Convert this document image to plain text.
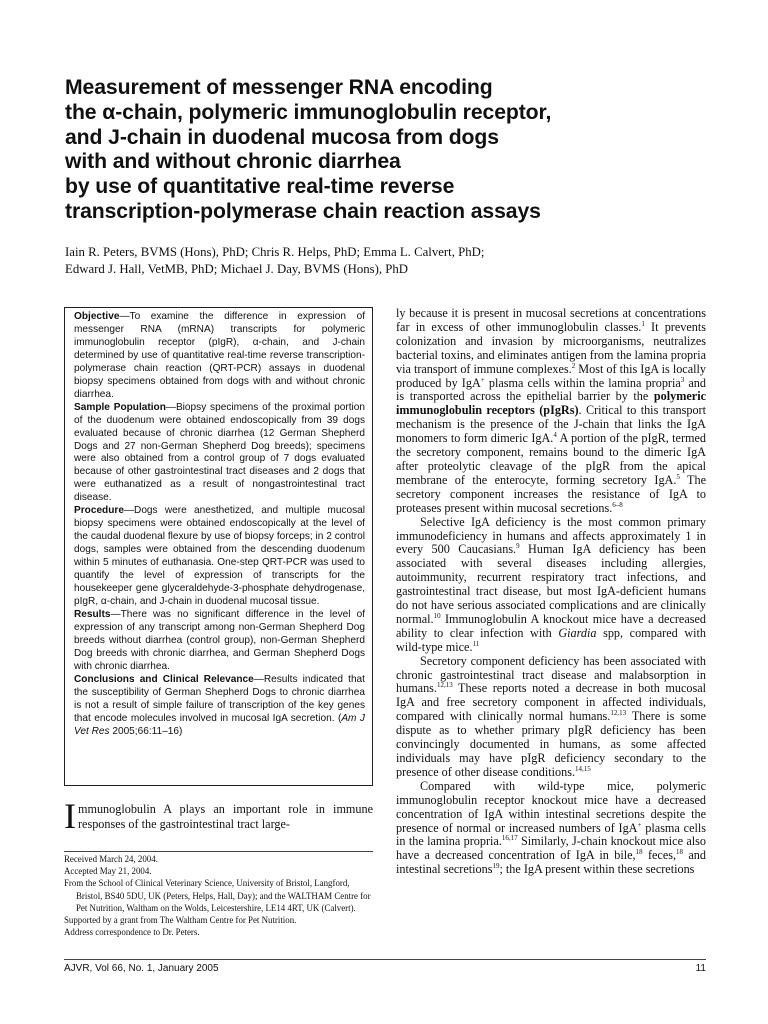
Measurement of messenger RNA encoding
the α-chain, polymeric immunoglobulin receptor,
and J-chain in duodenal mucosa from dogs
with and without chronic diarrhea
by use of quantitative real-time reverse
transcription-polymerase chain reaction assays
Iain R. Peters, BVMS (Hons), PhD; Chris R. Helps, PhD; Emma L. Calvert, PhD;
Edward J. Hall, VetMB, PhD; Michael J. Day, BVMS (Hons), PhD

Objective—To examine the difference in expression of messenger RNA (mRNA) transcripts for polymeric immunoglobulin receptor (pIgR), α-chain, and J-chain determined by use of quantitative real-time reverse transcription-polymerase chain reaction (QRT-PCR) assays in duodenal biopsy specimens obtained from dogs with and without chronic diarrhea.

Sample Population—Biopsy specimens of the proximal portion of the duodenum were obtained endoscopically from 39 dogs evaluated because of chronic diarrhea (12 German Shepherd Dogs and 27 non-German Shepherd Dog breeds); specimens were also obtained from a control group of 7 dogs evaluated because of other gastrointestinal tract diseases and 2 dogs that were euthanatized as a result of nongastrointestinal tract disease.

Procedure—Dogs were anesthetized, and multiple mucosal biopsy specimens were obtained endoscopically at the level of the caudal duodenal flexure by use of biopsy forceps; in 2 control dogs, samples were obtained from the descending duodenum within 5 minutes of euthanasia. One-step QRT-PCR was used to quantify the level of expression of transcripts for the housekeeper gene glyceraldehyde-3-phosphate dehydrogenase, pIgR, α-chain, and J-chain in duodenal mucosal tissue.

Results—There was no significant difference in the level of expression of any transcript among non-German Shepherd Dog breeds without diarrhea (control group), non-German Shepherd Dog breeds with chronic diarrhea, and German Shepherd Dogs with chronic diarrhea.

Conclusions and Clinical Relevance—Results indicated that the susceptibility of German Shepherd Dogs to chronic diarrhea is not a result of simple failure of transcription of the key genes that encode molecules involved in mucosal IgA secretion. (Am J Vet Res 2005;66:11–16)

Immunoglobulin A plays an important role in immune responses of the gastrointestinal tract large-
Received March 24, 2004.
Accepted May 21, 2004.
From the School of Clinical Veterinary Science, University of Bristol, Langford, Bristol, BS40 5DU, UK (Peters, Helps, Hall, Day); and the WALTHAM Centre for Pet Nutrition, Waltham on the Wolds, Leicestershire, LE14 4RT, UK (Calvert).
Supported by a grant from The Waltham Centre for Pet Nutrition.
Address correspondence to Dr. Peters.

ly because it is present in mucosal secretions at concentrations far in excess of other immunoglobulin classes.$^1$ It prevents colonization and invasion by microorganisms, neutralizes bacterial toxins, and eliminates antigen from the lamina propria via transport of immune complexes.$^2$ Most of this IgA is locally produced by IgA+ plasma cells within the lamina propria$^3$ and is transported across the epithelial barrier by the polymeric immunoglobulin receptors (pIgRs). Critical to this transport mechanism is the presence of the J-chain that links the IgA monomers to form dimeric IgA.$^4$ A portion of the pIgR, termed the secretory component, remains bound to the dimeric IgA after proteolytic cleavage of the pIgR from the apical membrane of the enterocyte, forming secretory IgA.$^5$ The secretory component increases the resistance of IgA to proteases present within mucosal secretions.$^{6-8}$

Selective IgA deficiency is the most common primary immunodeficiency in humans and affects approximately 1 in every 500 Caucasians.$^9$ Human IgA deficiency has been associated with several diseases including allergies, autoimmunity, recurrent respiratory tract infections, and gastrointestinal tract disease, but most IgA-deficient humans do not have serious associated complications and are clinically normal.$^{10}$ Immunoglobulin A knockout mice have a decreased ability to clear infection with Giardia spp, compared with wild-type mice.$^{11}$

Secretory component deficiency has been associated with chronic gastrointestinal tract disease and malabsorption in humans.$^{12,13}$ These reports noted a decrease in both mucosal IgA and free secretory component in affected individuals, compared with clinically normal humans.$^{12,13}$ There is some dispute as to whether primary pIgR deficiency has been convincingly documented in humans, as some affected individuals may have pIgR deficiency secondary to the presence of other disease conditions.$^{14,15}$

Compared with wild-type mice, polymeric immunoglobulin receptor knockout mice have a decreased concentration of IgA within intestinal secretions despite the presence of normal or increased numbers of IgA+ plasma cells in the lamina propria.$^{16,17}$ Similarly, J-chain knockout mice also have a decreased concentration of IgA in bile,$^{18}$ feces,$^{18}$ and intestinal secretions$^{19}$; the IgA present within these secretions

AJVR, Vol 66, No. 1, January 2005	11
